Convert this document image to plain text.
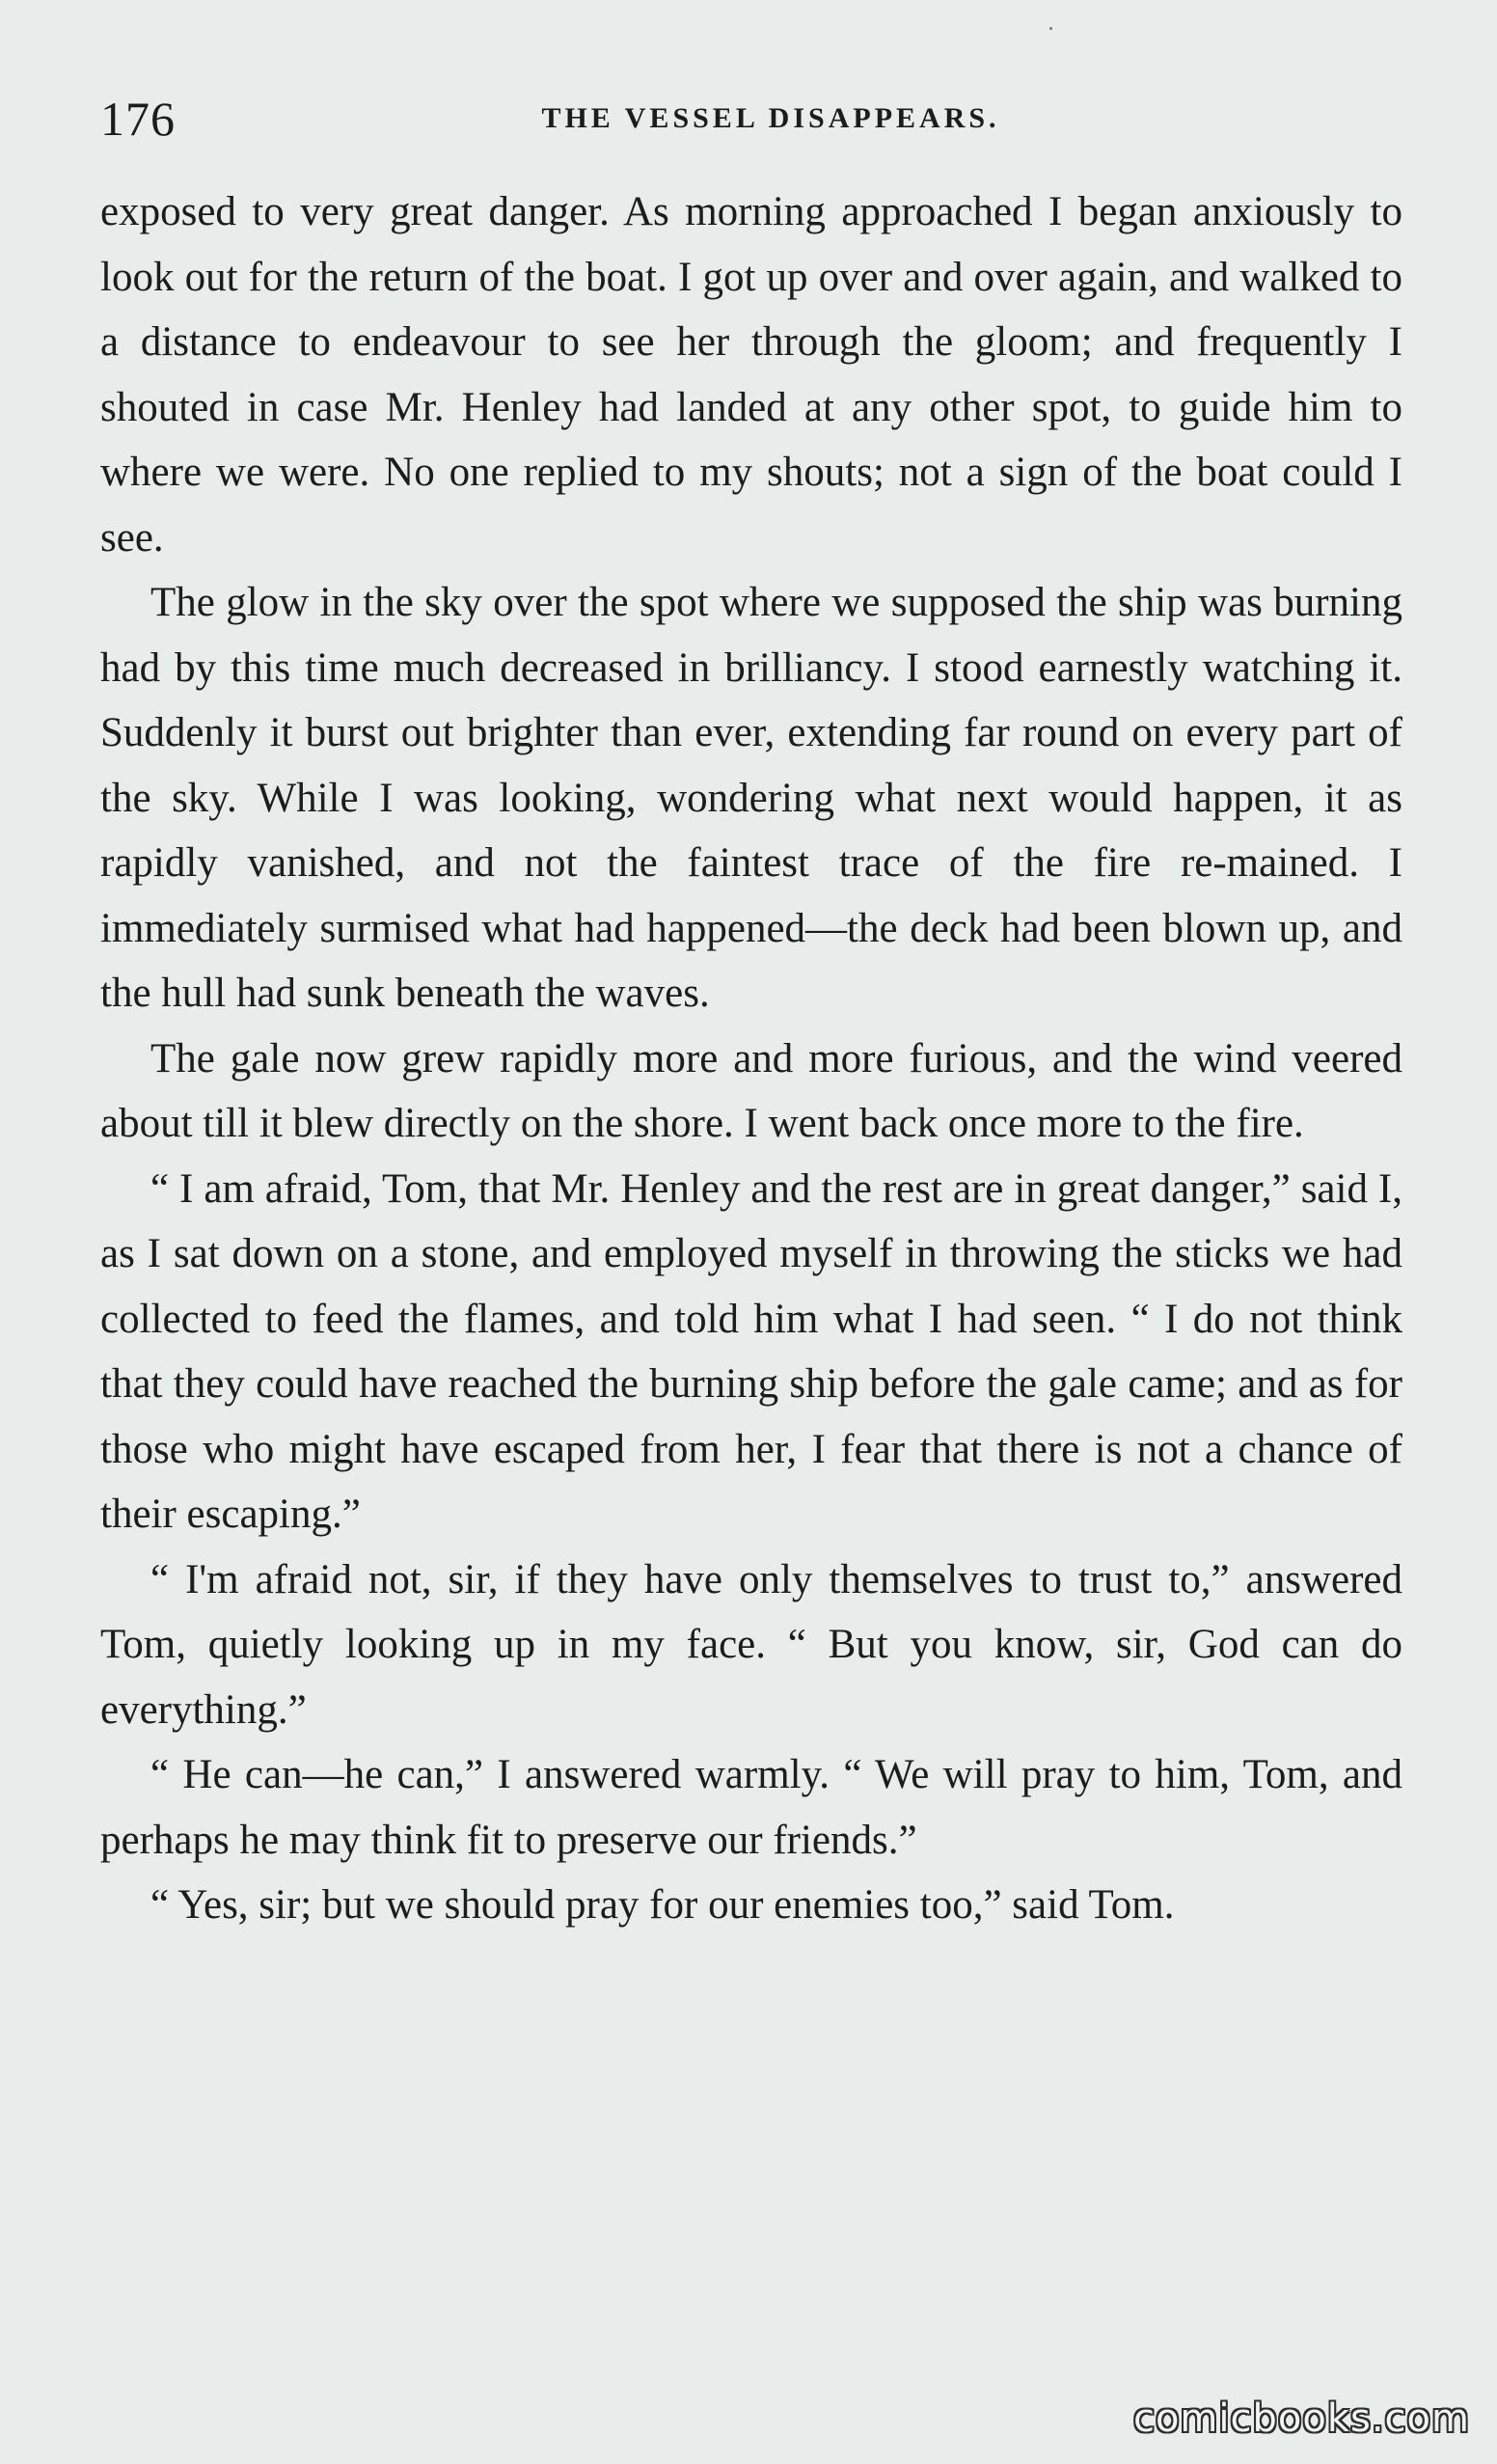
176	THE VESSEL DISAPPEARS.

exposed to very great danger. As morning approached I began anxiously to look out for the return of the boat. I got up over and over again, and walked to a distance to endeavour to see her through the gloom; and frequently I shouted in case Mr. Henley had landed at any other spot, to guide him to where we were. No one replied to my shouts; not a sign of the boat could I see.

The glow in the sky over the spot where we supposed the ship was burning had by this time much decreased in brilliancy. I stood earnestly watching it. Suddenly it burst out brighter than ever, extending far round on every part of the sky. While I was looking, wondering what next would happen, it as rapidly vanished, and not the faintest trace of the fire re-mained. I immediately surmised what had happened—the deck had been blown up, and the hull had sunk beneath the waves.

The gale now grew rapidly more and more furious, and the wind veered about till it blew directly on the shore. I went back once more to the fire.

“ I am afraid, Tom, that Mr. Henley and the rest are in great danger,” said I, as I sat down on a stone, and employed myself in throwing the sticks we had collected to feed the flames, and told him what I had seen. “ I do not think that they could have reached the burning ship before the gale came; and as for those who might have escaped from her, I fear that there is not a chance of their escaping.”

“ I'm afraid not, sir, if they have only themselves to trust to,” answered Tom, quietly looking up in my face. “ But you know, sir, God can do everything.”

“ He can—he can,” I answered warmly. “ We will pray to him, Tom, and perhaps he may think fit to preserve our friends.”

“ Yes, sir; but we should pray for our enemies too,” said Tom.

comicbooks.com
